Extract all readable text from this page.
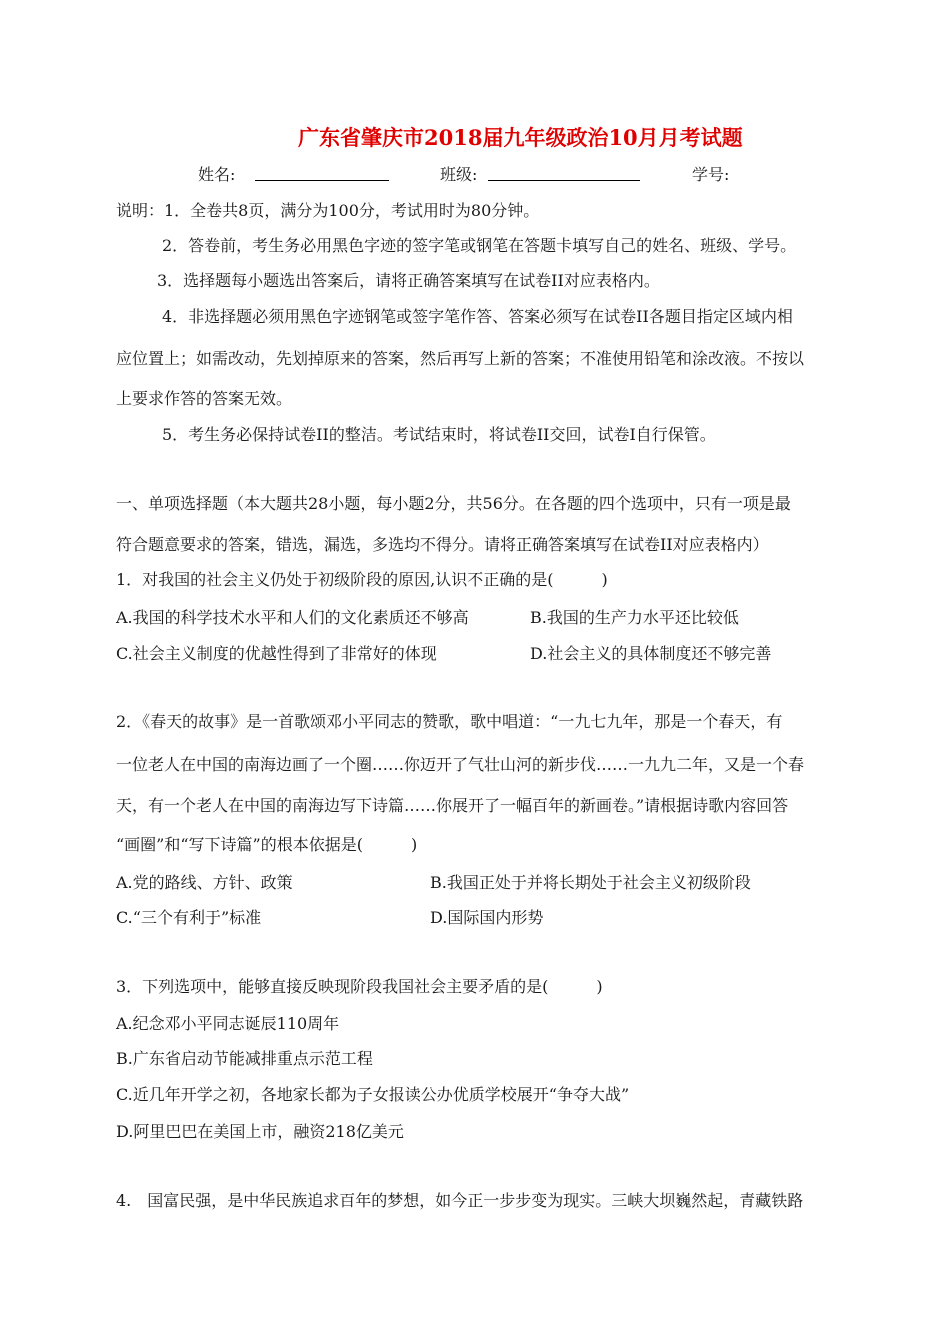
广东省肇庆市2018届九年级政治10月月考试题
姓名:	班级:	学号:
说明：1．全卷共8页，满分为100分，考试用时为80分钟。
2．答卷前，考生务必用黑色字迹的签字笔或钢笔在答题卡填写自己的姓名、班级、学号。
3．选择题每小题选出答案后，请将正确答案填写在试卷II对应表格内。
4．非选择题必须用黑色字迹钢笔或签字笔作答、答案必须写在试卷II各题目指定区域内相
应位置上；如需改动，先划掉原来的答案，然后再写上新的答案；不准使用铅笔和涂改液。不按以
上要求作答的答案无效。
5．考生务必保持试卷II的整洁。考试结束时，将试卷II交回，试卷I自行保管。
一、单项选择题（本大题共28小题，每小题2分，共56分。在各题的四个选项中，只有一项是最
符合题意要求的答案，错选，漏选，多选均不得分。请将正确答案填写在试卷II对应表格内）
1．对我国的社会主义仍处于初级阶段的原因,认识不正确的是(　　　)
A.我国的科学技术水平和人们的文化素质还不够高	B.我国的生产力水平还比较低
C.社会主义制度的优越性得到了非常好的体现	D.社会主义的具体制度还不够完善
2．《春天的故事》是一首歌颂邓小平同志的赞歌，歌中唱道：“一九七九年，那是一个春天，有
一位老人在中国的南海边画了一个圈……你迈开了气壮山河的新步伐……一九九二年，又是一个春
天，有一个老人在中国的南海边写下诗篇……你展开了一幅百年的新画卷。”请根据诗歌内容回答
“画圈”和“写下诗篇”的根本依据是(　　　)
A.党的路线、方针、政策	B.我国正处于并将长期处于社会主义初级阶段
C.“三个有利于”标准	D.国际国内形势
3．下列选项中，能够直接反映现阶段我国社会主要矛盾的是(　　　)
A.纪念邓小平同志诞辰110周年
B.广东省启动节能减排重点示范工程
C.近几年开学之初，各地家长都为子女报读公办优质学校展开“争夺大战”
D.阿里巴巴在美国上市，融资218亿美元
4.　国富民强，是中华民族追求百年的梦想，如今正一步步变为现实。三峡大坝巍然起，青藏铁路
